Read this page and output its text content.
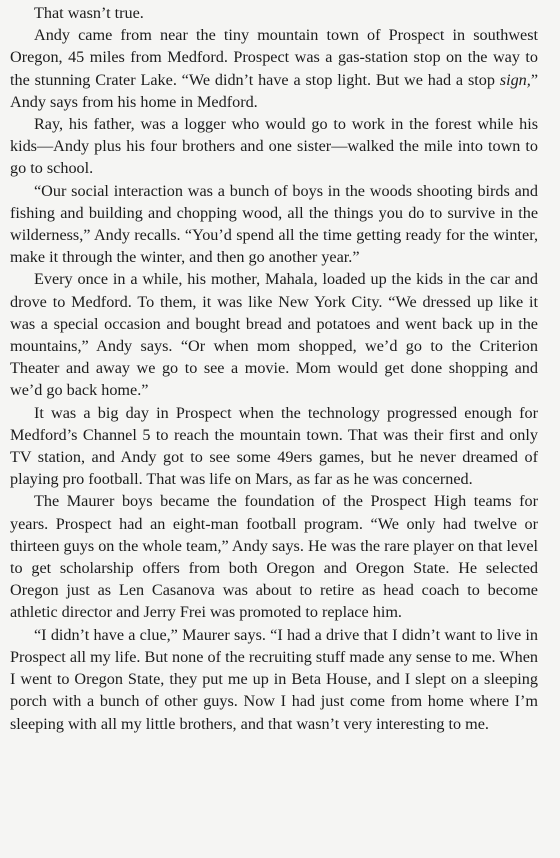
That wasn’t true.

Andy came from near the tiny mountain town of Prospect in southwest Oregon, 45 miles from Medford. Prospect was a gas-station stop on the way to the stunning Crater Lake. “We didn’t have a stop light. But we had a stop sign,” Andy says from his home in Medford.

Ray, his father, was a logger who would go to work in the forest while his kids—Andy plus his four brothers and one sister—walked the mile into town to go to school.

“Our social interaction was a bunch of boys in the woods shooting birds and fishing and building and chopping wood, all the things you do to survive in the wilderness,” Andy recalls. “You’d spend all the time getting ready for the winter, make it through the winter, and then go another year.”

Every once in a while, his mother, Mahala, loaded up the kids in the car and drove to Medford. To them, it was like New York City. “We dressed up like it was a special occasion and bought bread and potatoes and went back up in the mountains,” Andy says. “Or when mom shopped, we’d go to the Criterion Theater and away we go to see a movie. Mom would get done shopping and we’d go back home.”

It was a big day in Prospect when the technology progressed enough for Medford’s Channel 5 to reach the mountain town. That was their first and only TV station, and Andy got to see some 49ers games, but he never dreamed of playing pro football. That was life on Mars, as far as he was concerned.

The Maurer boys became the foundation of the Prospect High teams for years. Prospect had an eight-man football program. “We only had twelve or thirteen guys on the whole team,” Andy says. He was the rare player on that level to get scholarship offers from both Oregon and Oregon State. He selected Oregon just as Len Casanova was about to retire as head coach to become athletic director and Jerry Frei was promoted to replace him.

“I didn’t have a clue,” Maurer says. “I had a drive that I didn’t want to live in Prospect all my life. But none of the recruiting stuff made any sense to me. When I went to Oregon State, they put me up in Beta House, and I slept on a sleeping porch with a bunch of other guys. Now I had just come from home where I’m sleeping with all my little brothers, and that wasn’t very interesting to me.
